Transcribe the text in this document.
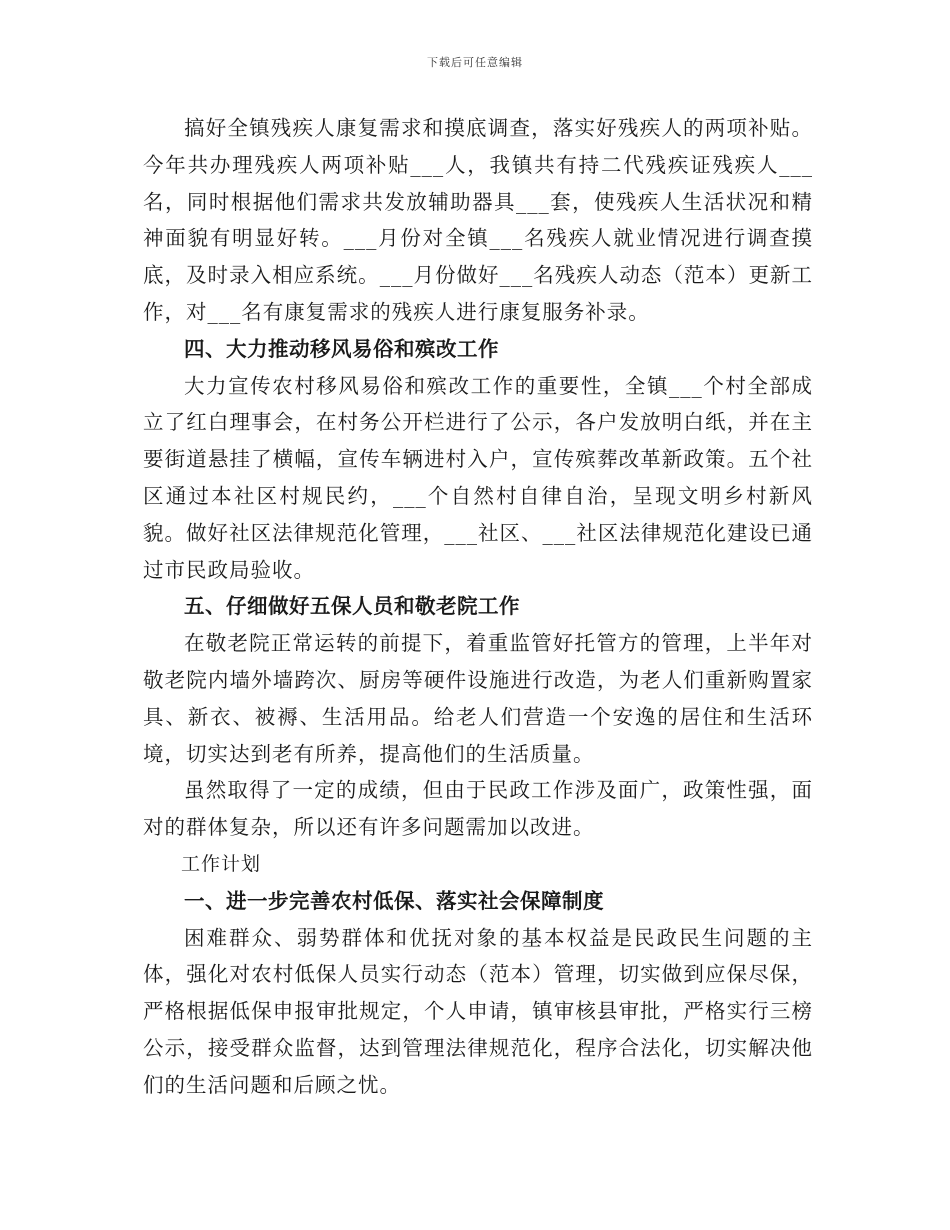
下载后可任意编辑

搞好全镇残疾人康复需求和摸底调查，落实好残疾人的两项补贴。今年共办理残疾人两项补贴___人，我镇共有持二代残疾证残疾人___名，同时根据他们需求共发放辅助器具___套，使残疾人生活状况和精神面貌有明显好转。___月份对全镇___名残疾人就业情况进行调查摸底，及时录入相应系统。___月份做好___名残疾人动态（范本）更新工作，对___名有康复需求的残疾人进行康复服务补录。

四、大力推动移风易俗和殡改工作

大力宣传农村移风易俗和殡改工作的重要性，全镇___个村全部成立了红白理事会，在村务公开栏进行了公示，各户发放明白纸，并在主要街道悬挂了横幅，宣传车辆进村入户，宣传殡葬改革新政策。五个社区通过本社区村规民约，___个自然村自律自治，呈现文明乡村新风貌。做好社区法律规范化管理，___社区、___社区法律规范化建设已通过市民政局验收。

五、仔细做好五保人员和敬老院工作

在敬老院正常运转的前提下，着重监管好托管方的管理，上半年对敬老院内墙外墙跨次、厨房等硬件设施进行改造，为老人们重新购置家具、新衣、被褥、生活用品。给老人们营造一个安逸的居住和生活环境，切实达到老有所养，提高他们的生活质量。

虽然取得了一定的成绩，但由于民政工作涉及面广，政策性强，面对的群体复杂，所以还有许多问题需加以改进。

工作计划

一、进一步完善农村低保、落实社会保障制度

困难群众、弱势群体和优抚对象的基本权益是民政民生问题的主体，强化对农村低保人员实行动态（范本）管理，切实做到应保尽保，严格根据低保申报审批规定，个人申请，镇审核县审批，严格实行三榜公示，接受群众监督，达到管理法律规范化，程序合法化，切实解决他们的生活问题和后顾之忧。
